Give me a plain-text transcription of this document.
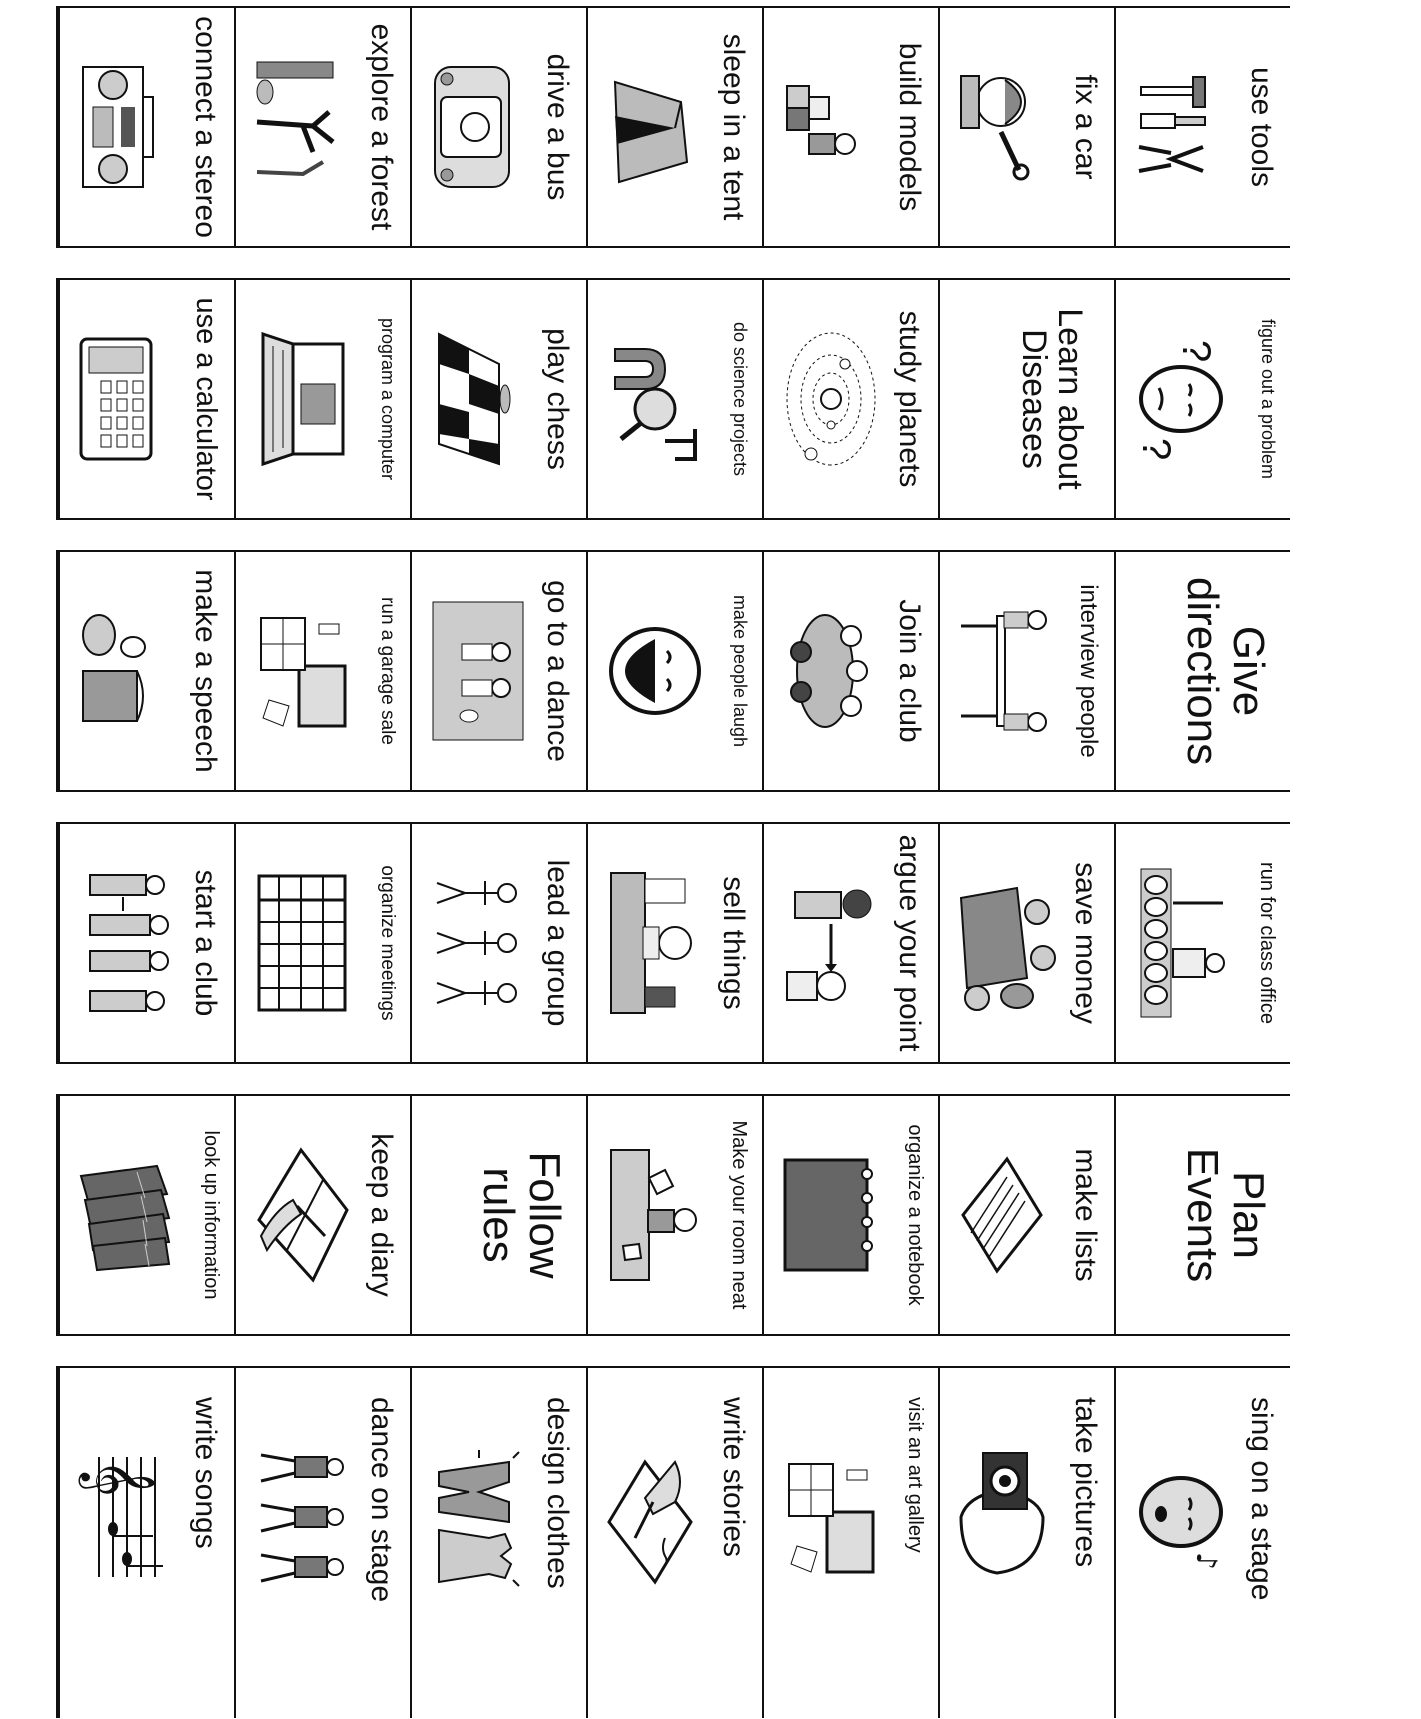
use tools
fix a car
build models
sleep in a tent
drive a bus
explore a forest
connect a stereo
figure out a problem
?
?
Learn about Diseases
study planets
do science projects
play chess
program a computer
use a calculator
Give directions
interview people
Join a club
make people laugh
go to a dance
run a garage sale
make a speech
run for class office
save money
argue your point
sell things
lead a group
organize meetings
start a club
Plan Events
make lists
organize a notebook
Make your room neat
Follow rules
keep a diary
look up information
sing on a stage
♪
take pictures
visit an art gallery
write stories
design clothes
dance on stage
write songs
𝄞
